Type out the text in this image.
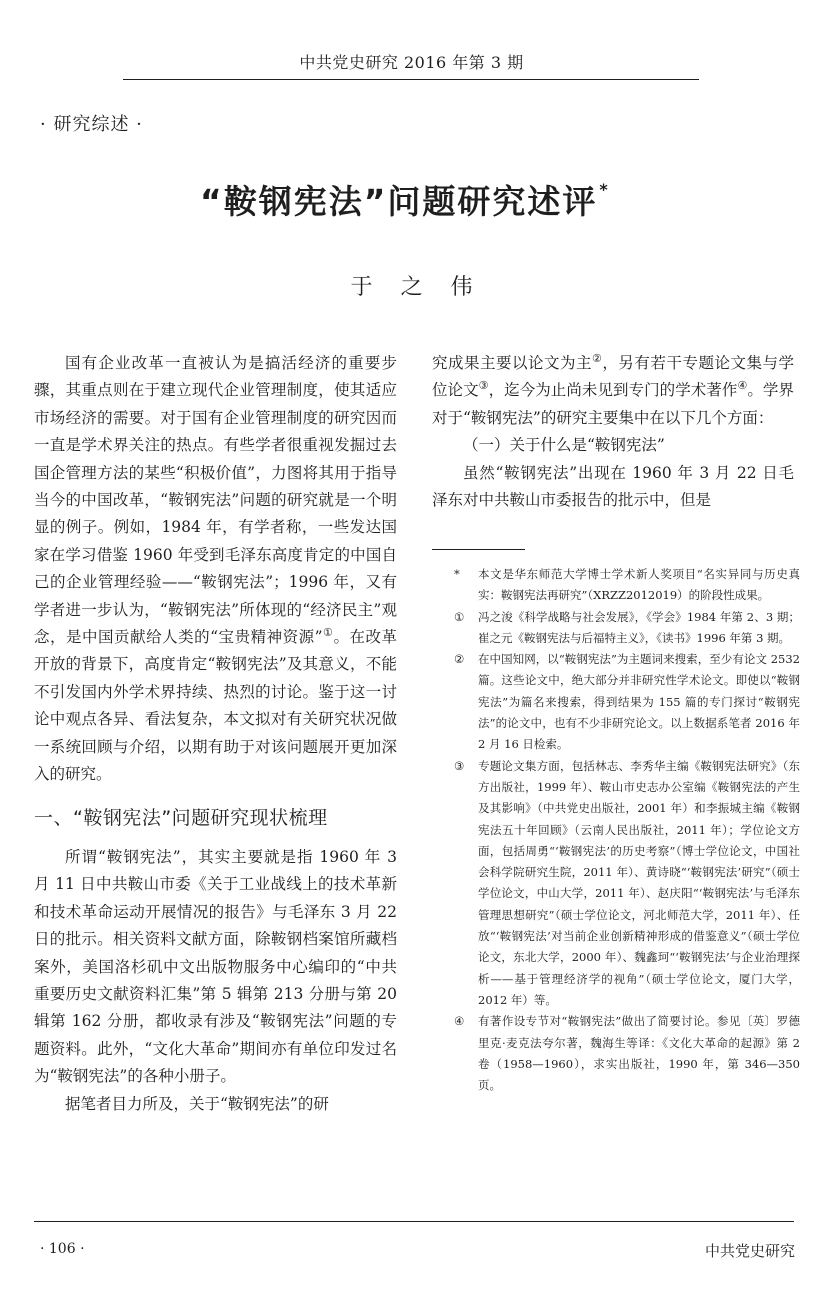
中共党史研究 2016 年第 3 期
· 研究综述 ·
“鞍钢宪法”问题研究述评 *
于之伟

国有企业改革一直被认为是搞活经济的重要步骤，其重点则在于建立现代企业管理制度，使其适应市场经济的需要。对于国有企业管理制度的研究因而一直是学术界关注的热点。有些学者很重视发掘过去国企管理方法的某些“积极价值”，力图将其用于指导当今的中国改革，“鞍钢宪法”问题的研究就是一个明显的例子。例如，1984 年，有学者称，一些发达国家在学习借鉴 1960 年受到毛泽东高度肯定的中国自己的企业管理经验——“鞍钢宪法”；1996 年，又有学者进一步认为，“鞍钢宪法”所体现的“经济民主”观念，是中国贡献给人类的“宝贵精神资源”①。在改革开放的背景下，高度肯定“鞍钢宪法”及其意义，不能不引发国内外学术界持续、热烈的讨论。鉴于这一讨论中观点各异、看法复杂，本文拟对有关研究状况做一系统回顾与介绍，以期有助于对该问题展开更加深入的研究。

一、“鞍钢宪法”问题研究现状梳理

所谓“鞍钢宪法”，其实主要就是指 1960 年 3 月 11 日中共鞍山市委《关于工业战线上的技术革新和技术革命运动开展情况的报告》与毛泽东 3 月 22 日的批示。相关资料文献方面，除鞍钢档案馆所藏档案外，美国洛杉矶中文出版物服务中心编印的“中共重要历史文献资料汇集”第 5 辑第 213 分册与第 20 辑第 162 分册，都收录有涉及“鞍钢宪法”问题的专题资料。此外，“文化大革命”期间亦有单位印发过名为“鞍钢宪法”的各种小册子。

据笔者目力所及，关于“鞍钢宪法”的研

究成果主要以论文为主②，另有若干专题论文集与学位论文③，迄今为止尚未见到专门的学术著作④。学界对于“鞍钢宪法”的研究主要集中在以下几个方面：

（一）关于什么是“鞍钢宪法”

虽然“鞍钢宪法”出现在 1960 年 3 月 22 日毛泽东对中共鞍山市委报告的批示中，但是

*	本文是华东师范大学博士学术新人奖项目“名实异同与历史真实：鞍钢宪法再研究”（XRZZ2012019）的阶段性成果。
①	冯之浚《科学战略与社会发展》，《学会》1984 年第 2、3 期；崔之元《鞍钢宪法与后福特主义》，《读书》1996 年第 3 期。
②	在中国知网，以“鞍钢宪法”为主题词来搜索，至少有论文 2532 篇。这些论文中，绝大部分并非研究性学术论文。即使以“鞍钢宪法”为篇名来搜索，得到结果为 155 篇的专门探讨“鞍钢宪法”的论文中，也有不少非研究论文。以上数据系笔者 2016 年 2 月 16 日检索。
③	专题论文集方面，包括林志、李秀华主编《鞍钢宪法研究》（东方出版社，1999 年）、鞍山市史志办公室编《鞍钢宪法的产生及其影响》（中共党史出版社，2001 年）和李振城主编《鞍钢宪法五十年回顾》（云南人民出版社，2011 年）；学位论文方面，包括周勇“‘鞍钢宪法’的历史考察”（博士学位论文，中国社会科学院研究生院，2011 年）、黄诗晓“‘鞍钢宪法’研究”（硕士学位论文，中山大学，2011 年）、赵庆阳“‘鞍钢宪法’与毛泽东管理思想研究”（硕士学位论文，河北师范大学，2011 年）、任放“‘鞍钢宪法’对当前企业创新精神形成的借鉴意义”（硕士学位论文，东北大学，2000 年）、魏鑫珂“‘鞍钢宪法’与企业治理探析——基于管理经济学的视角”（硕士学位论文，厦门大学，2012 年）等。
④	有著作设专节对“鞍钢宪法”做出了简要讨论。参见〔英〕罗德里克·麦克法夸尔著，魏海生等译：《文化大革命的起源》第 2 卷（1958—1960），求实出版社，1990 年，第 346—350 页。
· 106 ·	中共党史研究
